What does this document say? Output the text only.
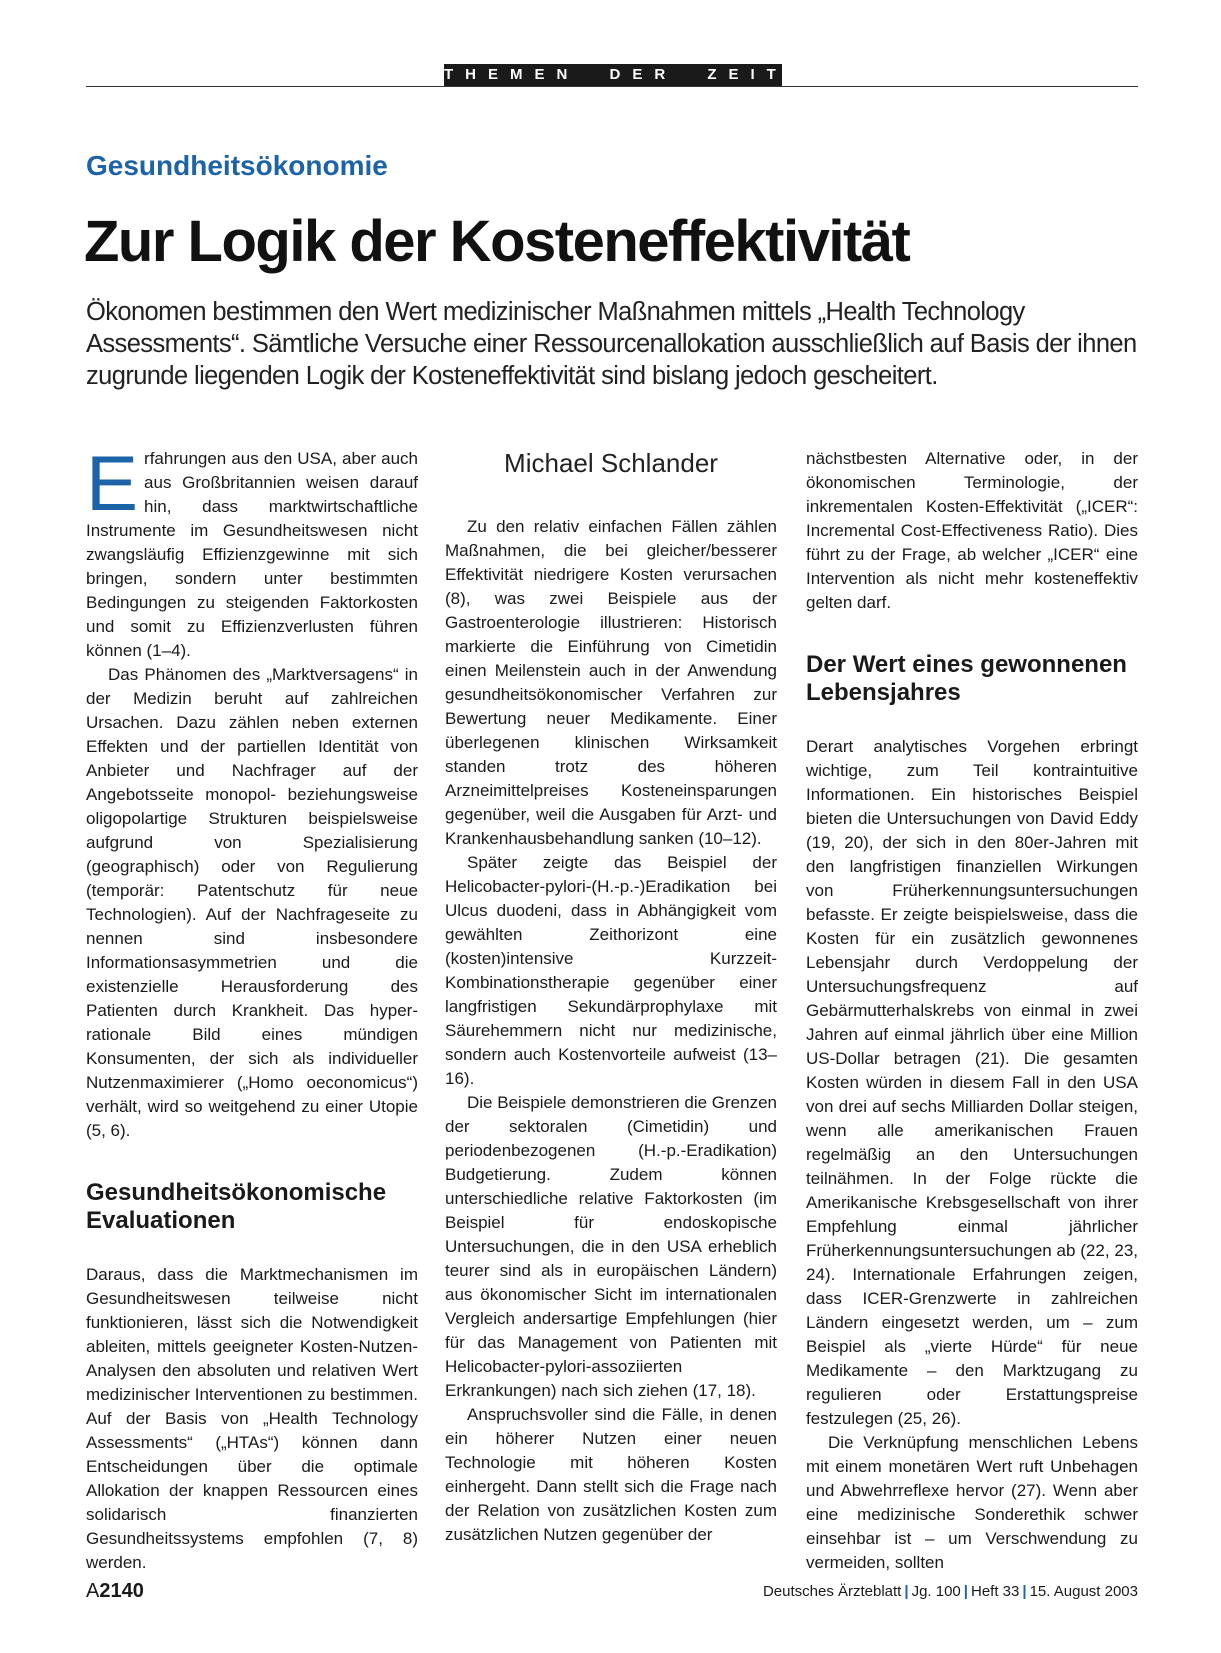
THEMEN DER ZEIT
Gesundheitsökonomie
Zur Logik der Kosteneffektivität
Ökonomen bestimmen den Wert medizinischer Maßnahmen mittels „Health Technology Assessments“. Sämtliche Versuche einer Ressourcenallokation ausschließlich auf Basis der ihnen zugrunde liegenden Logik der Kosteneffektivität sind bislang jedoch gescheitert.

Erfahrungen aus den USA, aber auch aus Großbritannien weisen darauf hin, dass marktwirtschaftliche Instrumente im Gesundheitswesen nicht zwangsläufig Effizienzgewinne mit sich bringen, sondern unter bestimmten Bedingungen zu steigenden Faktorkosten und somit zu Effizienzverlusten führen können (1–4).

Das Phänomen des „Marktversagens“ in der Medizin beruht auf zahlreichen Ursachen. Dazu zählen neben externen Effekten und der partiellen Identität von Anbieter und Nachfrager auf der Angebotsseite monopol- beziehungsweise oligopolartige Strukturen beispielsweise aufgrund von Spezialisierung (geographisch) oder von Regulierung (temporär: Patentschutz für neue Technologien). Auf der Nachfrageseite zu nennen sind insbesondere Informationsasymmetrien und die existenzielle Herausforderung des Patienten durch Krankheit. Das hyper-rationale Bild eines mündigen Konsumenten, der sich als individueller Nutzenmaximierer („Homo oeconomicus“) verhält, wird so weitgehend zu einer Utopie (5, 6).

Gesundheitsökonomische Evaluationen

Daraus, dass die Marktmechanismen im Gesundheitswesen teilweise nicht funktionieren, lässt sich die Notwendigkeit ableiten, mittels geeigneter Kosten-Nutzen-Analysen den absoluten und relativen Wert medizinischer Interventionen zu bestimmen. Auf der Basis von „Health Technology Assessments“ („HTAs“) können dann Entscheidungen über die optimale Allokation der knappen Ressourcen eines solidarisch finanzierten Gesundheitssystems empfohlen (7, 8) werden.

Michael Schlander

Zu den relativ einfachen Fällen zählen Maßnahmen, die bei gleicher/besserer Effektivität niedrigere Kosten verursachen (8), was zwei Beispiele aus der Gastroenterologie illustrieren: Historisch markierte die Einführung von Cimetidin einen Meilenstein auch in der Anwendung gesundheitsökonomischer Verfahren zur Bewertung neuer Medikamente. Einer überlegenen klinischen Wirksamkeit standen trotz des höheren Arzneimittelpreises Kosteneinsparungen gegenüber, weil die Ausgaben für Arzt- und Krankenhausbehandlung sanken (10–12).

Später zeigte das Beispiel der Helicobacter-pylori-(H.-p.-)Eradikation bei Ulcus duodeni, dass in Abhängigkeit vom gewählten Zeithorizont eine (kosten)intensive Kurzzeit-Kombinationstherapie gegenüber einer langfristigen Sekundärprophylaxe mit Säurehemmern nicht nur medizinische, sondern auch Kostenvorteile aufweist (13–16).

Die Beispiele demonstrieren die Grenzen der sektoralen (Cimetidin) und periodenbezogenen (H.-p.-Eradikation) Budgetierung. Zudem können unterschiedliche relative Faktorkosten (im Beispiel für endoskopische Untersuchungen, die in den USA erheblich teurer sind als in europäischen Ländern) aus ökonomischer Sicht im internationalen Vergleich andersartige Empfehlungen (hier für das Management von Patienten mit Helicobacter-pylori-assoziierten Erkrankungen) nach sich ziehen (17, 18).

Anspruchsvoller sind die Fälle, in denen ein höherer Nutzen einer neuen Technologie mit höheren Kosten einhergeht. Dann stellt sich die Frage nach der Relation von zusätzlichen Kosten zum zusätzlichen Nutzen gegenüber der

nächstbesten Alternative oder, in der ökonomischen Terminologie, der inkrementalen Kosten-Effektivität („ICER“: Incremental Cost-Effectiveness Ratio). Dies führt zu der Frage, ab welcher „ICER“ eine Intervention als nicht mehr kosteneffektiv gelten darf.

Der Wert eines gewonnenen Lebensjahres

Derart analytisches Vorgehen erbringt wichtige, zum Teil kontraintuitive Informationen. Ein historisches Beispiel bieten die Untersuchungen von David Eddy (19, 20), der sich in den 80er-Jahren mit den langfristigen finanziellen Wirkungen von Früherkennungsuntersuchungen befasste. Er zeigte beispielsweise, dass die Kosten für ein zusätzlich gewonnenes Lebensjahr durch Verdoppelung der Untersuchungsfrequenz auf Gebärmutterhalskrebs von einmal in zwei Jahren auf einmal jährlich über eine Million US-Dollar betragen (21). Die gesamten Kosten würden in diesem Fall in den USA von drei auf sechs Milliarden Dollar steigen, wenn alle amerikanischen Frauen regelmäßig an den Untersuchungen teilnähmen. In der Folge rückte die Amerikanische Krebsgesellschaft von ihrer Empfehlung einmal jährlicher Früherkennungsuntersuchungen ab (22, 23, 24). Internationale Erfahrungen zeigen, dass ICER-Grenzwerte in zahlreichen Ländern eingesetzt werden, um – zum Beispiel als „vierte Hürde“ für neue Medikamente – den Marktzugang zu regulieren oder Erstattungspreise festzulegen (25, 26).

Die Verknüpfung menschlichen Lebens mit einem monetären Wert ruft Unbehagen und Abwehrreflexe hervor (27). Wenn aber eine medizinische Sonderethik schwer einsehbar ist – um Verschwendung zu vermeiden, sollten

A2140	Deutsches Ärzteblatt | Jg. 100 | Heft 33 | 15. August 2003
